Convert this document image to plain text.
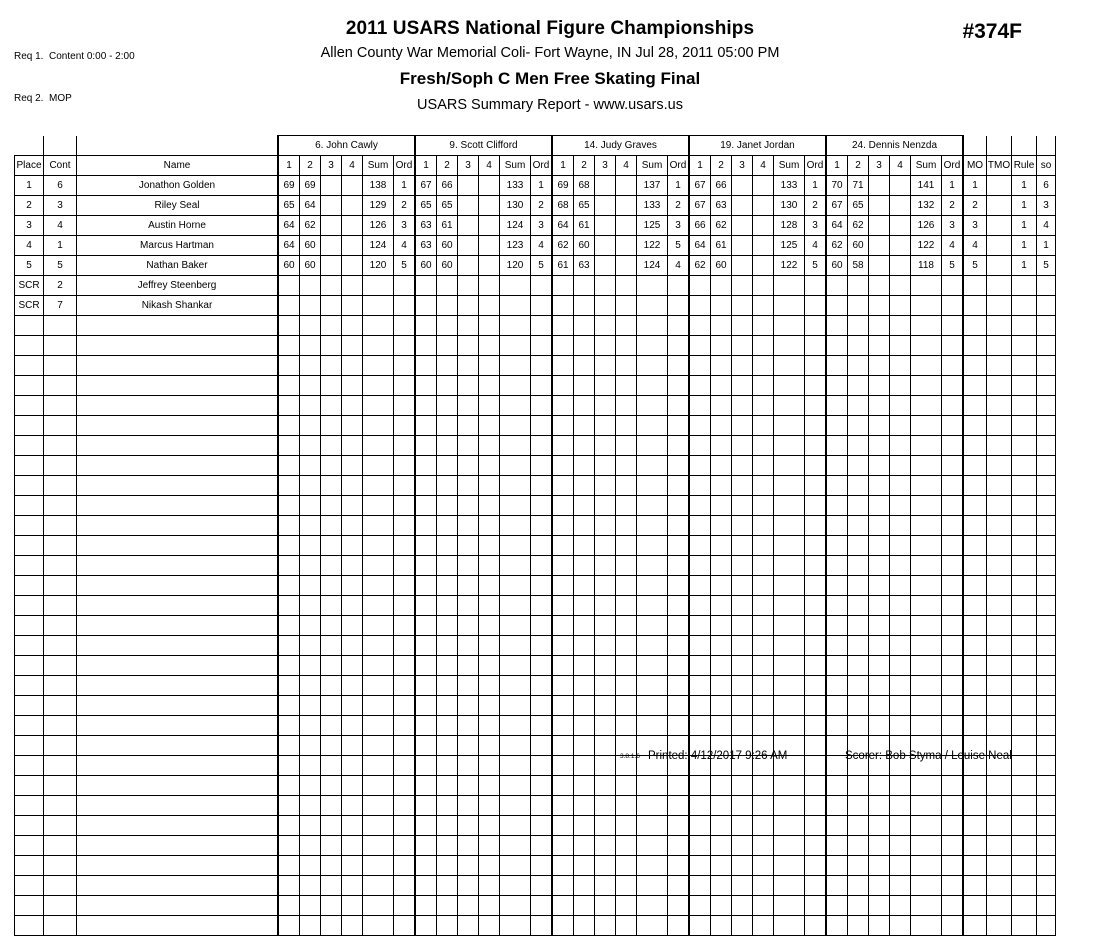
Req 1.  Content 0:00 - 2:00

Req 2.  MOP

2011 USARS National Figure Championships
Allen County War Memorial Coli- Fort Wayne, IN Jul 28, 2011 05:00 PM
Fresh/Soph C Men Free Skating Final
USARS Summary Report - www.usars.us
#374F
			6. John Cawly						9. Scott Clifford						14. Judy Graves						19. Janet Jordan						24. Dennis Nenzda									
Place	Cont	Name	1	2	3	4	Sum	Ord	1	2	3	4	Sum	Ord	1	2	3	4	Sum	Ord	1	2	3	4	Sum	Ord	1	2	3	4	Sum	Ord	MO	TMO	Rule	so
1	6	Jonathon Golden	69	69			138	1	67	66			133	1	69	68			137	1	67	66			133	1	70	71			141	1	1		1	6
2	3	Riley Seal	65	64			129	2	65	65			130	2	68	65			133	2	67	63			130	2	67	65			132	2	2		1	3
3	4	Austin Horne	64	62			126	3	63	61			124	3	64	61			125	3	66	62			128	3	64	62			126	3	3		1	4
4	1	Marcus Hartman	64	60			124	4	63	60			123	4	62	60			122	5	64	61			125	4	62	60			122	4	4		1	1
5	5	Nathan Baker	60	60			120	5	60	60			120	5	61	63			124	4	62	60			122	5	60	58			118	5	5		1	5
SCR	2	Jeffrey Steenberg																																		
SCR	7	Nikash Shankar																																		

3.8.1.6 Printed: 4/12/2017 9:26 AM	Scorer: Bob Styma / Louise Neal
